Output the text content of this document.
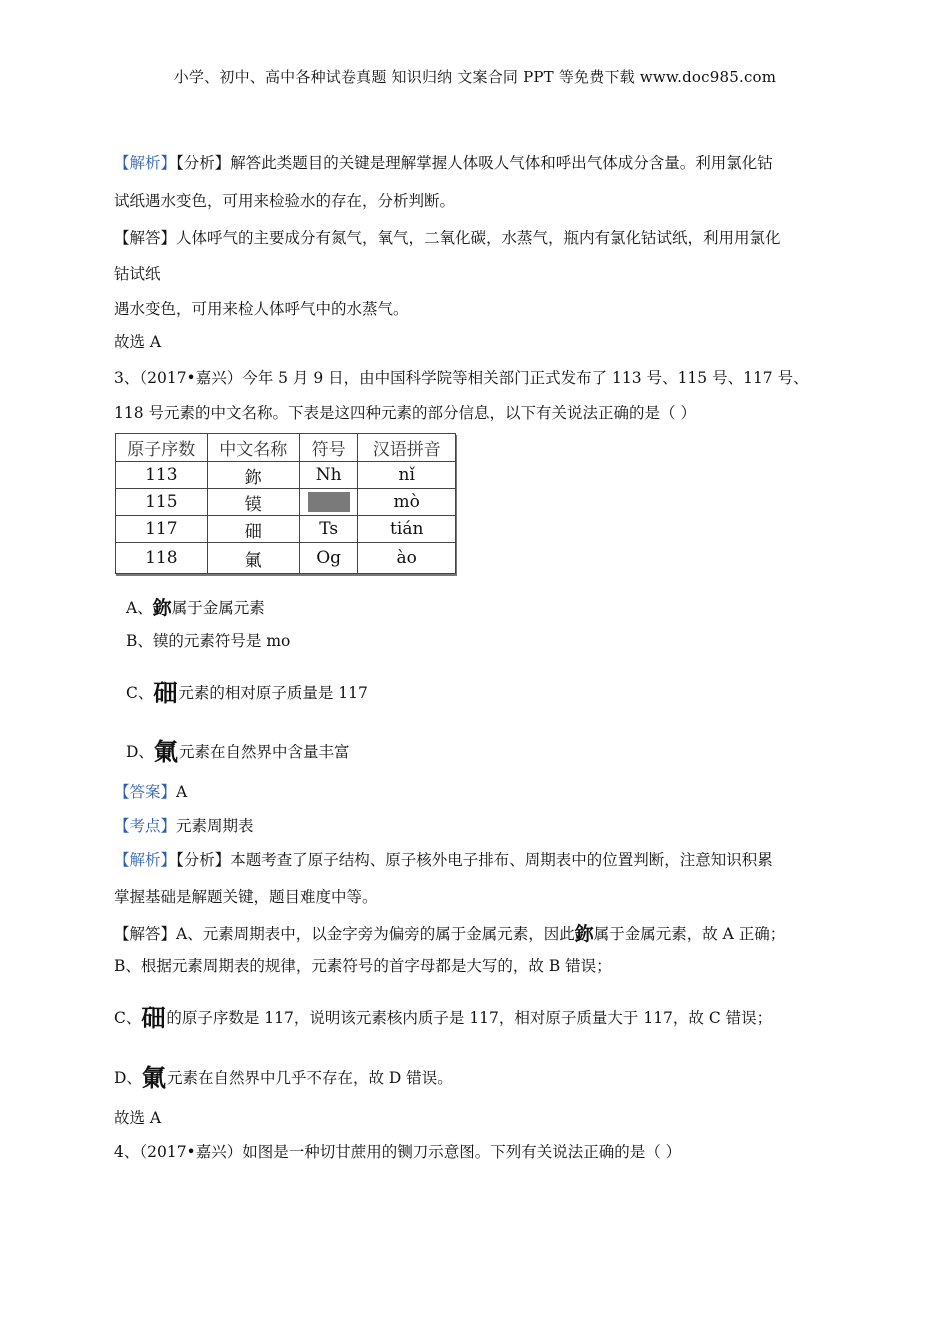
小学、初中、高中各种试卷真题 知识归纳 文案合同 PPT 等免费下载 www.doc985.com
【解析】【分析】解答此类题目的关键是理解掌握人体吸人气体和呼出气体成分含量。利用氯化钴
试纸遇水变色，可用来检验水的存在，分析判断。
【解答】人体呼气的主要成分有氮气，氧气，二氧化碳，水蒸气，瓶内有氯化钴试纸，利用用氯化
钴试纸
遇水变色，可用来检人体呼气中的水蒸气。
故选 A
3、（2017•嘉兴）今年 5 月 9 日，由中国科学院等相关部门正式发布了 113 号、115 号、117 号、
118 号元素的中文名称。下表是这四种元素的部分信息，以下有关说法正确的是（ ）
原子序数	中文名称	符号	汉语拼音
113	鉨	Nh	nǐ
115	镆		mò
117	鿬	Ts	tián
118	氭	Og	ào
A、鉨属于金属元素
B、镆的元素符号是 mo
C、鿬元素的相对原子质量是 117
D、氭元素在自然界中含量丰富
【答案】A
【考点】元素周期表
【解析】【分析】本题考查了原子结构、原子核外电子排布、周期表中的位置判断，注意知识积累
掌握基础是解题关键，题目难度中等。
【解答】A、元素周期表中，以金字旁为偏旁的属于金属元素，因此鉨属于金属元素，故 A 正确；
B、根据元素周期表的规律，元素符号的首字母都是大写的，故 B 错误；
C、鿬的原子序数是 117，说明该元素核内质子是 117，相对原子质量大于 117，故 C 错误；
D、氭元素在自然界中几乎不存在，故 D 错误。
故选 A
4、（2017•嘉兴）如图是一种切甘蔗用的铡刀示意图。下列有关说法正确的是（ ）
